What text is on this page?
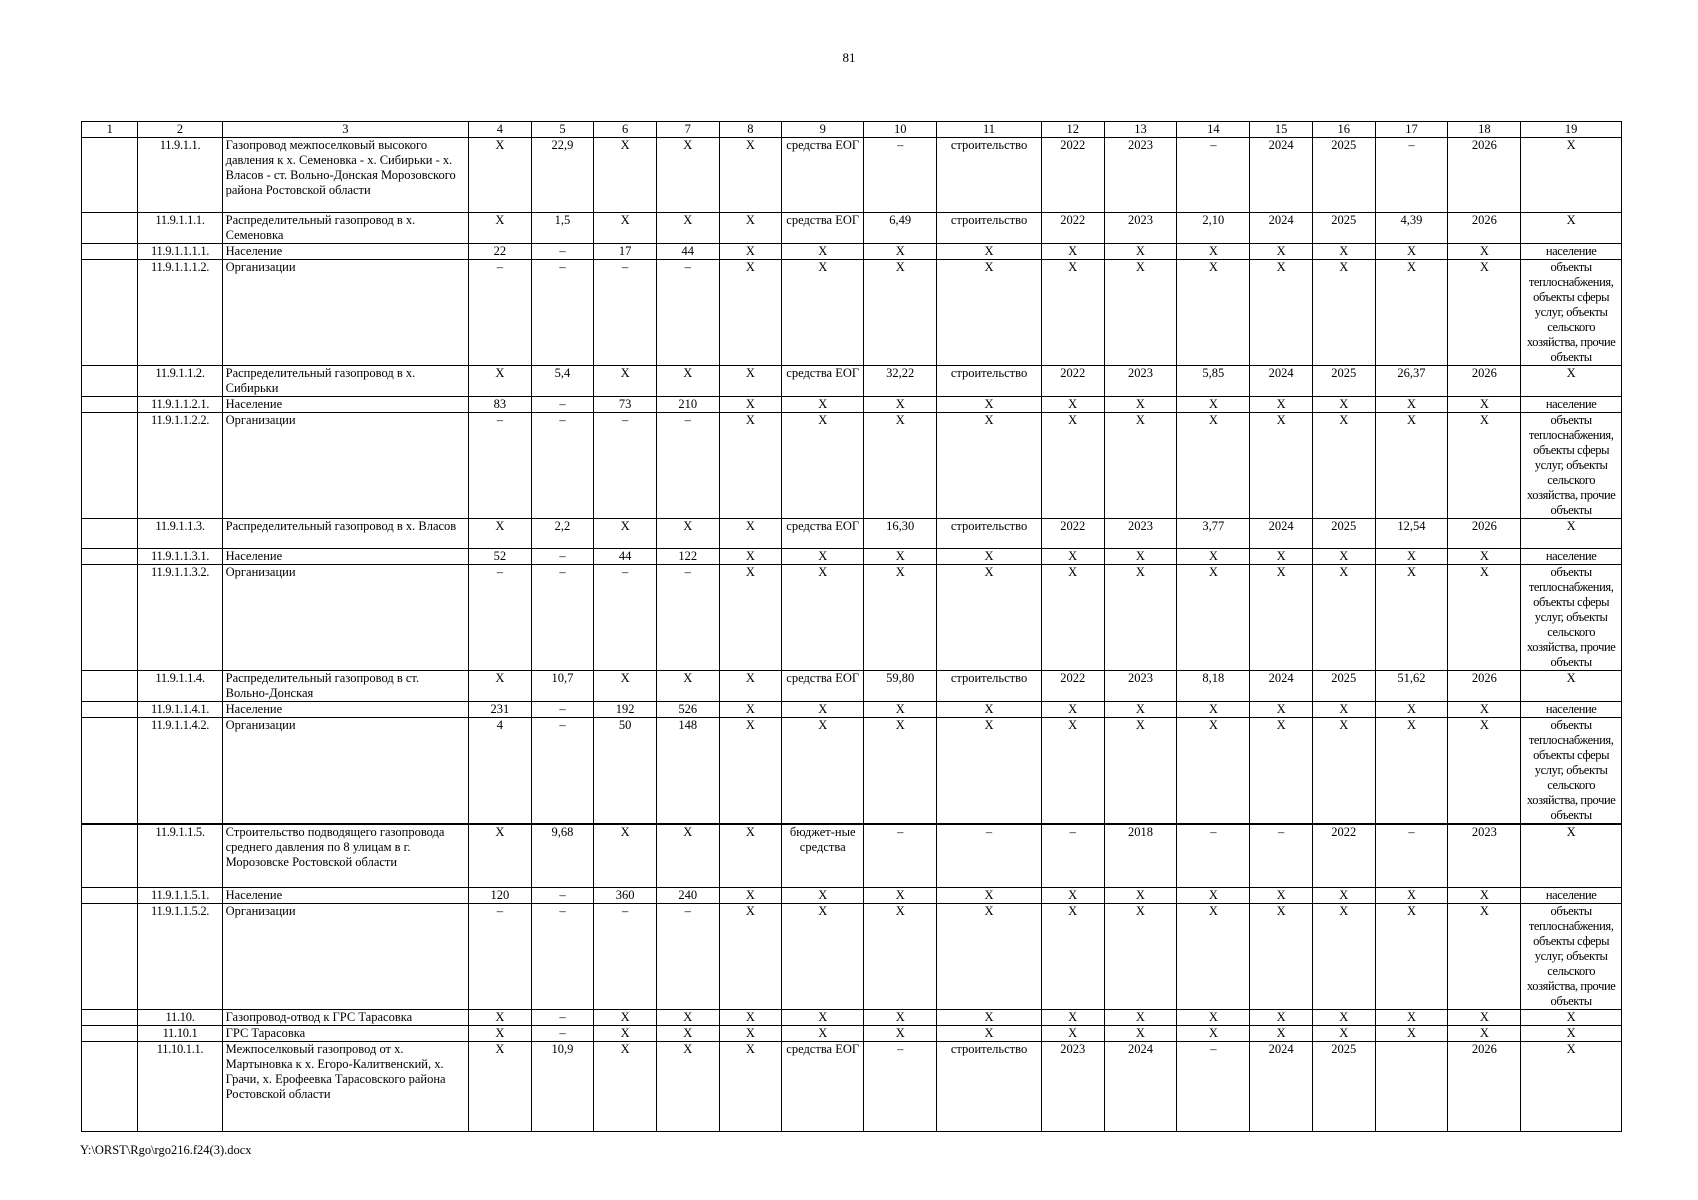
81
1	2	3	4	5	6	7	8	9	10	11	12	13	14	15	16	17	18	19
	11.9.1.1.	Газопровод межпоселковый высокого давления к х. Семеновка - х. Сибирьки - х. Власов - ст. Вольно-Донская Морозовского района Ростовской области	Х	22,9	Х	Х	Х	средства ЕОГ	–	строительство	2022	2023	–	2024	2025	–	2026	Х
	11.9.1.1.1.	Распределительный газопровод в х. Семеновка	Х	1,5	Х	Х	Х	средства ЕОГ	6,49	строительство	2022	2023	2,10	2024	2025	4,39	2026	Х
	11.9.1.1.1.1.	Население	22	–	17	44	Х	Х	Х	Х	Х	Х	Х	Х	Х	Х	Х	население
	11.9.1.1.1.2.	Организации	–	–	–	–	Х	Х	Х	Х	Х	Х	Х	Х	Х	Х	Х	объекты теплоснабжения, объекты сферы услуг, объекты сельского хозяйства, прочие объекты
	11.9.1.1.2.	Распределительный газопровод в х. Сибирьки	Х	5,4	Х	Х	Х	средства ЕОГ	32,22	строительство	2022	2023	5,85	2024	2025	26,37	2026	Х
	11.9.1.1.2.1.	Население	83	–	73	210	Х	Х	Х	Х	Х	Х	Х	Х	Х	Х	Х	население
	11.9.1.1.2.2.	Организации	–	–	–	–	Х	Х	Х	Х	Х	Х	Х	Х	Х	Х	Х	объекты теплоснабжения, объекты сферы услуг, объекты сельского хозяйства, прочие объекты
	11.9.1.1.3.	Распределительный газопровод в х. Власов	Х	2,2	Х	Х	Х	средства ЕОГ	16,30	строительство	2022	2023	3,77	2024	2025	12,54	2026	Х
	11.9.1.1.3.1.	Население	52	–	44	122	Х	Х	Х	Х	Х	Х	Х	Х	Х	Х	Х	население
	11.9.1.1.3.2.	Организации	–	–	–	–	Х	Х	Х	Х	Х	Х	Х	Х	Х	Х	Х	объекты теплоснабжения, объекты сферы услуг, объекты сельского хозяйства, прочие объекты
	11.9.1.1.4.	Распределительный газопровод в ст. Вольно-Донская	Х	10,7	Х	Х	Х	средства ЕОГ	59,80	строительство	2022	2023	8,18	2024	2025	51,62	2026	Х
	11.9.1.1.4.1.	Население	231	–	192	526	Х	Х	Х	Х	Х	Х	Х	Х	Х	Х	Х	население
	11.9.1.1.4.2.	Организации	4	–	50	148	Х	Х	Х	Х	Х	Х	Х	Х	Х	Х	Х	объекты теплоснабжения, объекты сферы услуг, объекты сельского хозяйства, прочие объекты
	11.9.1.1.5.	Строительство подводящего газопровода среднего давления по 8 улицам в г. Морозовске Ростовской области	Х	9,68	Х	Х	Х	бюджет-ные средства	–	–	–	2018	–	–	2022	–	2023	Х
	11.9.1.1.5.1.	Население	120	–	360	240	Х	Х	Х	Х	Х	Х	Х	Х	Х	Х	Х	население
	11.9.1.1.5.2.	Организации	–	–	–	–	Х	Х	Х	Х	Х	Х	Х	Х	Х	Х	Х	объекты теплоснабжения, объекты сферы услуг, объекты сельского хозяйства, прочие объекты
	11.10.	Газопровод-отвод к ГРС Тарасовка	Х	–	Х	Х	Х	Х	Х	Х	Х	Х	Х	Х	Х	Х	Х	Х
	11.10.1	ГРС Тарасовка	Х	–	Х	Х	Х	Х	Х	Х	Х	Х	Х	Х	Х	Х	Х	Х
	11.10.1.1.	Межпоселковый газопровод от х. Мартыновка к х. Егоро-Калитвенский, х. Грачи, х. Ерофеевка Тарасовского района Ростовской области	Х	10,9	Х	Х	Х	средства ЕОГ	–	строительство	2023	2024	–	2024	2025		2026	Х
Y:\ORST\Rgo\rgo216.f24(3).docx
